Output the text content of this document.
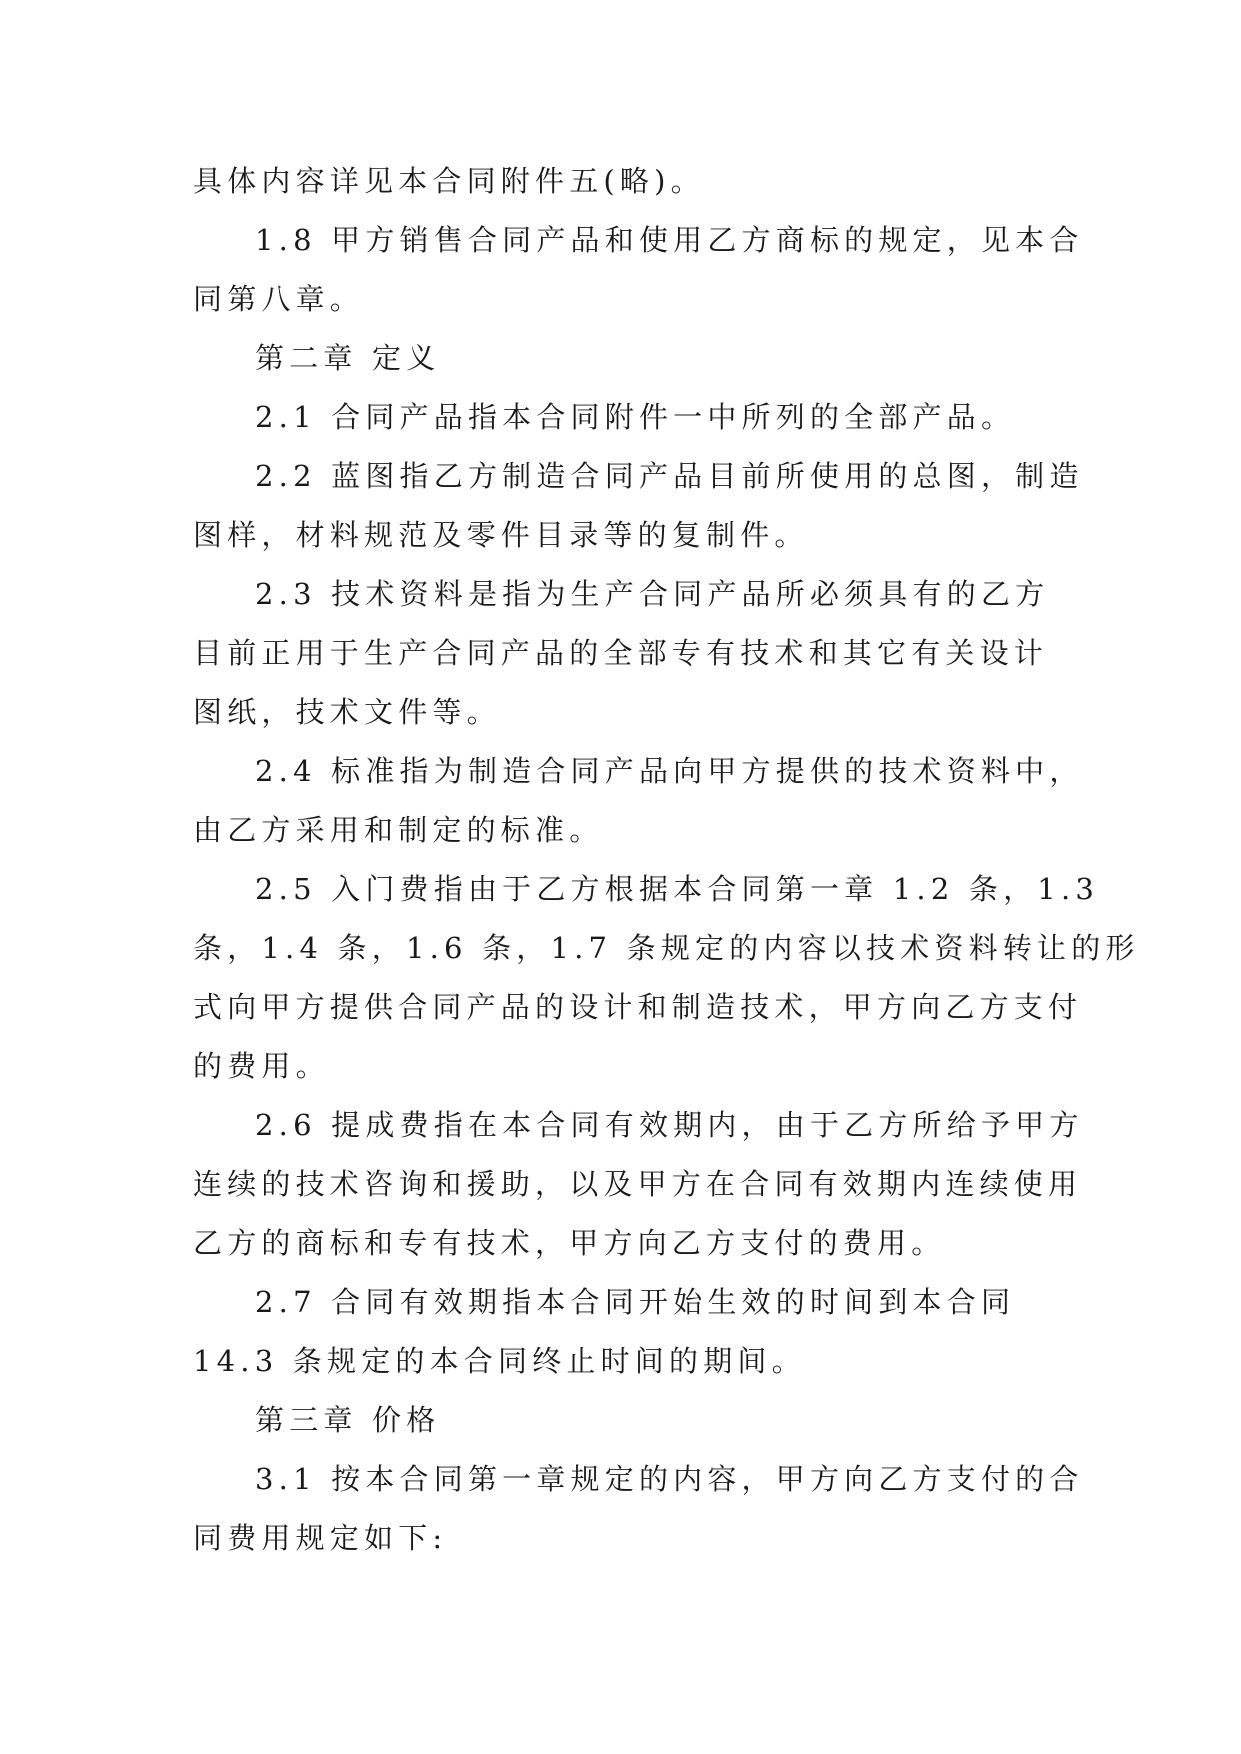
具体内容详见本合同附件五(略)。
1.8 甲方销售合同产品和使用乙方商标的规定，见本合
同第八章。
第二章 定义
2.1 合同产品指本合同附件一中所列的全部产品。
2.2 蓝图指乙方制造合同产品目前所使用的总图，制造
图样，材料规范及零件目录等的复制件。
2.3 技术资料是指为生产合同产品所必须具有的乙方
目前正用于生产合同产品的全部专有技术和其它有关设计
图纸，技术文件等。
2.4 标准指为制造合同产品向甲方提供的技术资料中，
由乙方采用和制定的标准。
2.5 入门费指由于乙方根据本合同第一章 1.2 条，1.3
条，1.4 条，1.6 条，1.7 条规定的内容以技术资料转让的形
式向甲方提供合同产品的设计和制造技术，甲方向乙方支付
的费用。
2.6 提成费指在本合同有效期内，由于乙方所给予甲方
连续的技术咨询和援助，以及甲方在合同有效期内连续使用
乙方的商标和专有技术，甲方向乙方支付的费用。
2.7 合同有效期指本合同开始生效的时间到本合同
14.3 条规定的本合同终止时间的期间。
第三章 价格
3.1 按本合同第一章规定的内容，甲方向乙方支付的合
同费用规定如下:
